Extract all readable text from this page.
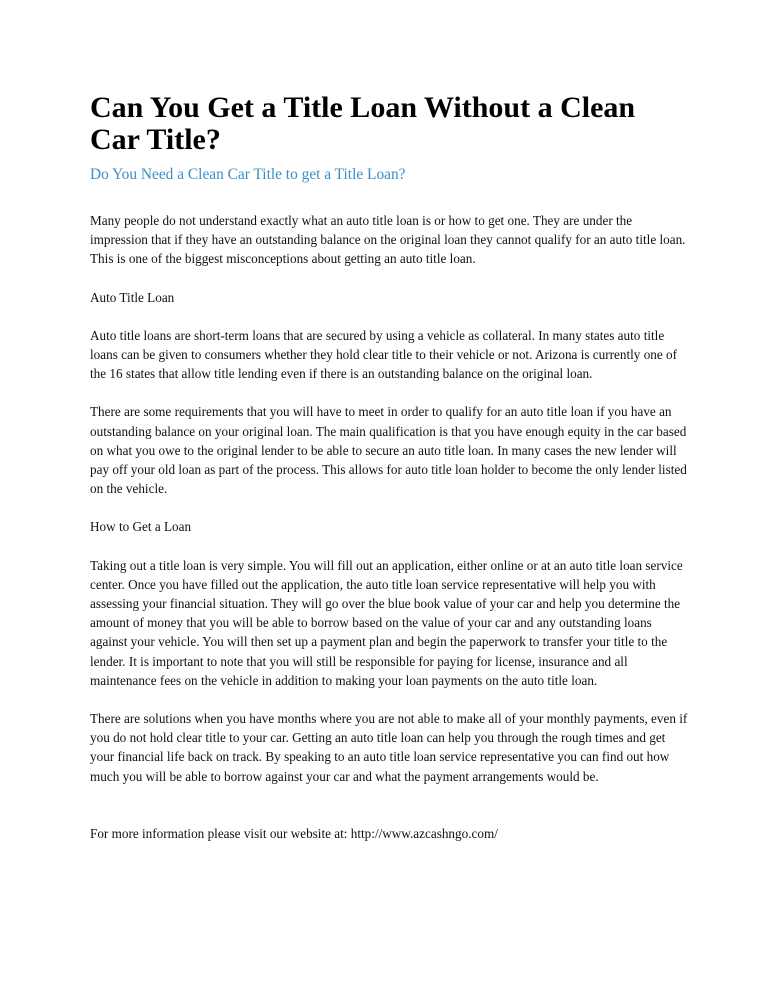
Can You Get a Title Loan Without a Clean Car Title?

Do You Need a Clean Car Title to get a Title Loan?

Many people do not understand exactly what an auto title loan is or how to get one. They are under the impression that if they have an outstanding balance on the original loan they cannot qualify for an auto title loan. This is one of the biggest misconceptions about getting an auto title loan.

Auto Title Loan

Auto title loans are short-term loans that are secured by using a vehicle as collateral. In many states auto title loans can be given to consumers whether they hold clear title to their vehicle or not. Arizona is currently one of the 16 states that allow title lending even if there is an outstanding balance on the original loan.

There are some requirements that you will have to meet in order to qualify for an auto title loan if you have an outstanding balance on your original loan. The main qualification is that you have enough equity in the car based on what you owe to the original lender to be able to secure an auto title loan. In many cases the new lender will pay off your old loan as part of the process. This allows for auto title loan holder to become the only lender listed on the vehicle.

How to Get a Loan

Taking out a title loan is very simple. You will fill out an application, either online or at an auto title loan service center. Once you have filled out the application, the auto title loan service representative will help you with assessing your financial situation. They will go over the blue book value of your car and help you determine the amount of money that you will be able to borrow based on the value of your car and any outstanding loans against your vehicle. You will then set up a payment plan and begin the paperwork to transfer your title to the lender. It is important to note that you will still be responsible for paying for license, insurance and all maintenance fees on the vehicle in addition to making your loan payments on the auto title loan.

There are solutions when you have months where you are not able to make all of your monthly payments, even if you do not hold clear title to your car. Getting an auto title loan can help you through the rough times and get your financial life back on track. By speaking to an auto title loan service representative you can find out how much you will be able to borrow against your car and what the payment arrangements would be.

For more information please visit our website at: http://www.azcashngo.com/
